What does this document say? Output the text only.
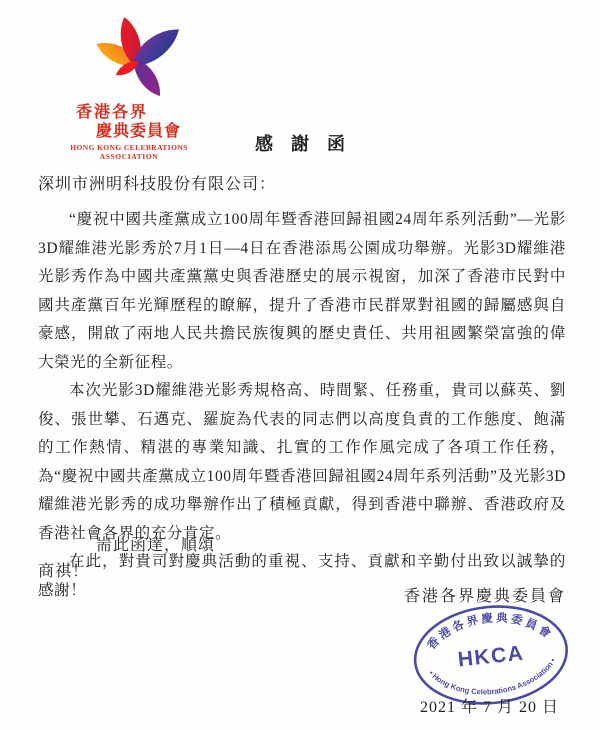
香港各界
慶典委員會
HONG KONG CELEBRATIONS
ASSOCIATION
感　謝　函
深圳市洲明科技股份有限公司：

“慶祝中國共產黨成立100周年暨香港回歸祖國24周年系列活動”—光影3D耀維港光影秀於7月1日—4日在香港添馬公園成功舉辦。光影3D耀維港光影秀作為中國共產黨黨史與香港歷史的展示視窗，加深了香港市民對中國共產黨百年光輝歷程的瞭解，提升了香港市民群眾對祖國的歸屬感與自豪感，開啟了兩地人民共擔民族復興的歷史責任、共用祖國繁榮富強的偉大榮光的全新征程。

本次光影3D耀維港光影秀規格高、時間緊、任務重，貴司以蘇英、劉俊、張世攀、石邁克、羅旋為代表的同志們以高度負責的工作態度、飽滿的工作熱情、精湛的專業知識、扎實的工作作風完成了各項工作任務，為“慶祝中國共產黨成立100周年暨香港回歸祖國24周年系列活動”及光影3D耀維港光影秀的成功舉辦作出了積極貢獻，得到香港中聯辦、香港政府及香港社會各界的充分肯定。

在此，對貴司對慶典活動的重視、支持、貢獻和辛勤付出致以誠摯的感謝！

耑此函達，順頌
商祺！
香港各界慶典委員會
香 港 各 界 慶 典 委 員 會
HKCA
• Hong Kong Celebrations Association •
2021 年 7 月 20 日
